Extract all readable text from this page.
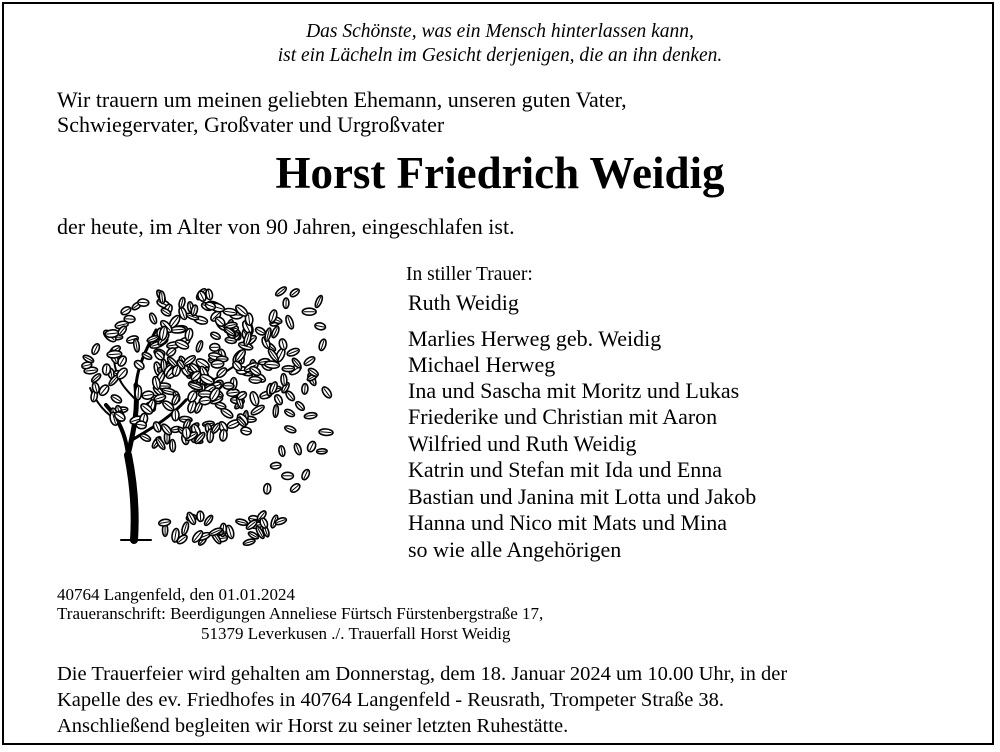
Das Schönste, was ein Mensch hinterlassen kann,
ist ein Lächeln im Gesicht derjenigen, die an ihn denken.
Wir trauern um meinen geliebten Ehemann, unseren guten Vater,
Schwiegervater, Großvater und Urgroßvater
Horst Friedrich Weidig
der heute, im Alter von 90 Jahren, eingeschlafen ist.
In stiller Trauer:
Ruth Weidig
Marlies Herweg geb. Weidig
Michael Herweg
Ina und Sascha mit Moritz und Lukas
Friederike und Christian mit Aaron
Wilfried und Ruth Weidig
Katrin und Stefan mit Ida und Enna
Bastian und Janina mit Lotta und Jakob
Hanna und Nico mit Mats und Mina
so wie alle Angehörigen
40764 Langenfeld, den 01.01.2024
Traueranschrift: Beerdigungen Anneliese Fürtsch Fürstenbergstraße 17,
51379 Leverkusen ./. Trauerfall Horst Weidig
Die Trauerfeier wird gehalten am Donnerstag, dem 18. Januar 2024 um 10.00 Uhr, in der
Kapelle des ev. Friedhofes in 40764 Langenfeld - Reusrath, Trompeter Straße 38.
Anschließend begleiten wir Horst zu seiner letzten Ruhestätte.
